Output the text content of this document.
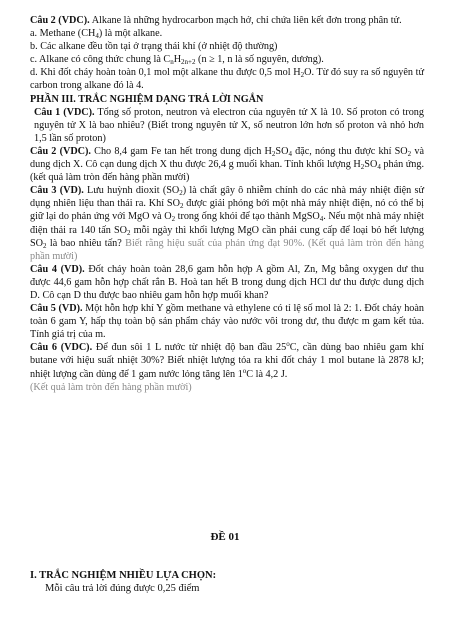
Câu 2 (VDC). Alkane là những hydrocarbon mạch hở, chỉ chứa liên kết đơn trong phân tử.

a. Methane $(CH_4)$ là một alkane.

b. Các alkane đều tồn tại ở trạng thái khí (ở nhiệt độ thường)

c. Alkane có công thức chung là $C_nH_{2n+2}$ (n ≥ 1, n là số nguyên, dương).

d. Khi đốt cháy hoàn toàn 0,1 mol một alkane thu được 0,5 mol $H_2O$. Từ đó suy ra số nguyên tử carbon trong alkane đó là 4.

PHẦN III. TRẮC NGHIỆM DẠNG TRẢ LỜI NGẮN

Câu 1 (VDC). Tổng số proton, neutron và electron của nguyên tử X là 10. Số proton có trong nguyên tử X là bao nhiêu? (Biết trong nguyên tử X, số neutron lớn hơn số proton và nhỏ hơn 1,5 lần số proton)

Câu 2 (VDC). Cho 8,4 gam Fe tan hết trong dung dịch $H_2SO_4$ đặc, nóng thu được khí $SO_2$ và dung dịch X. Cô cạn dung dịch X thu được 26,4 g muối khan. Tính khối lượng $H_2SO_4$ phản ứng. (kết quả làm tròn đến hàng phần mười)

Câu 3 (VD). Lưu huỳnh dioxit $(SO_2)$ là chất gây ô nhiễm chính do các nhà máy nhiệt điện sử dụng nhiên liệu than thải ra. Khí $SO_2$ được giải phóng bởi một nhà máy nhiệt điện, nó có thể bị giữ lại do phản ứng với MgO và $O_2$ trong ống khói để tạo thành MgSO$_4$. Nếu một nhà máy nhiệt điện thải ra 140 tấn $SO_2$ mỗi ngày thì khối lượng MgO cần phải cung cấp để loại bỏ hết lượng $SO_2$ là bao nhiêu tấn? Biết rằng hiệu suất của phản ứng đạt 90%. (Kết quả làm tròn đến hàng phần mười)

Câu 4 (VD). Đốt cháy hoàn toàn 28,6 gam hỗn hợp A gồm Al, Zn, Mg bằng oxygen dư thu được 44,6 gam hỗn hợp chất rắn B. Hoà tan hết B trong dung dịch HCl dư thu được dung dịch D. Cô cạn D thu được bao nhiêu gam hỗn hợp muối khan?

Câu 5 (VD). Một hỗn hợp khí Y gồm methane và ethylene có tỉ lệ số mol là 2: 1. Đốt cháy hoàn toàn 6 gam Y, hấp thụ toàn bộ sản phẩm cháy vào nước vôi trong dư, thu được m gam kết tủa. Tính giá trị của m.

Câu 6 (VDC). Để đun sôi 1 L nước từ nhiệt độ ban đầu 25$^o$C, cần dùng bao nhiêu gam khí butane với hiệu suất nhiệt 30%? Biết nhiệt lượng tỏa ra khi đốt cháy 1 mol butane là 2878 kJ; nhiệt lượng cần dùng để 1 gam nước lỏng tăng lên 1$^o$C là 4,2 J.

(Kết quả làm tròn đến hàng phần mười)

ĐỀ 01
I. TRẮC NGHIỆM NHIỀU LỰA CHỌN:
Mỗi câu trả lời đúng được 0,25 điểm
